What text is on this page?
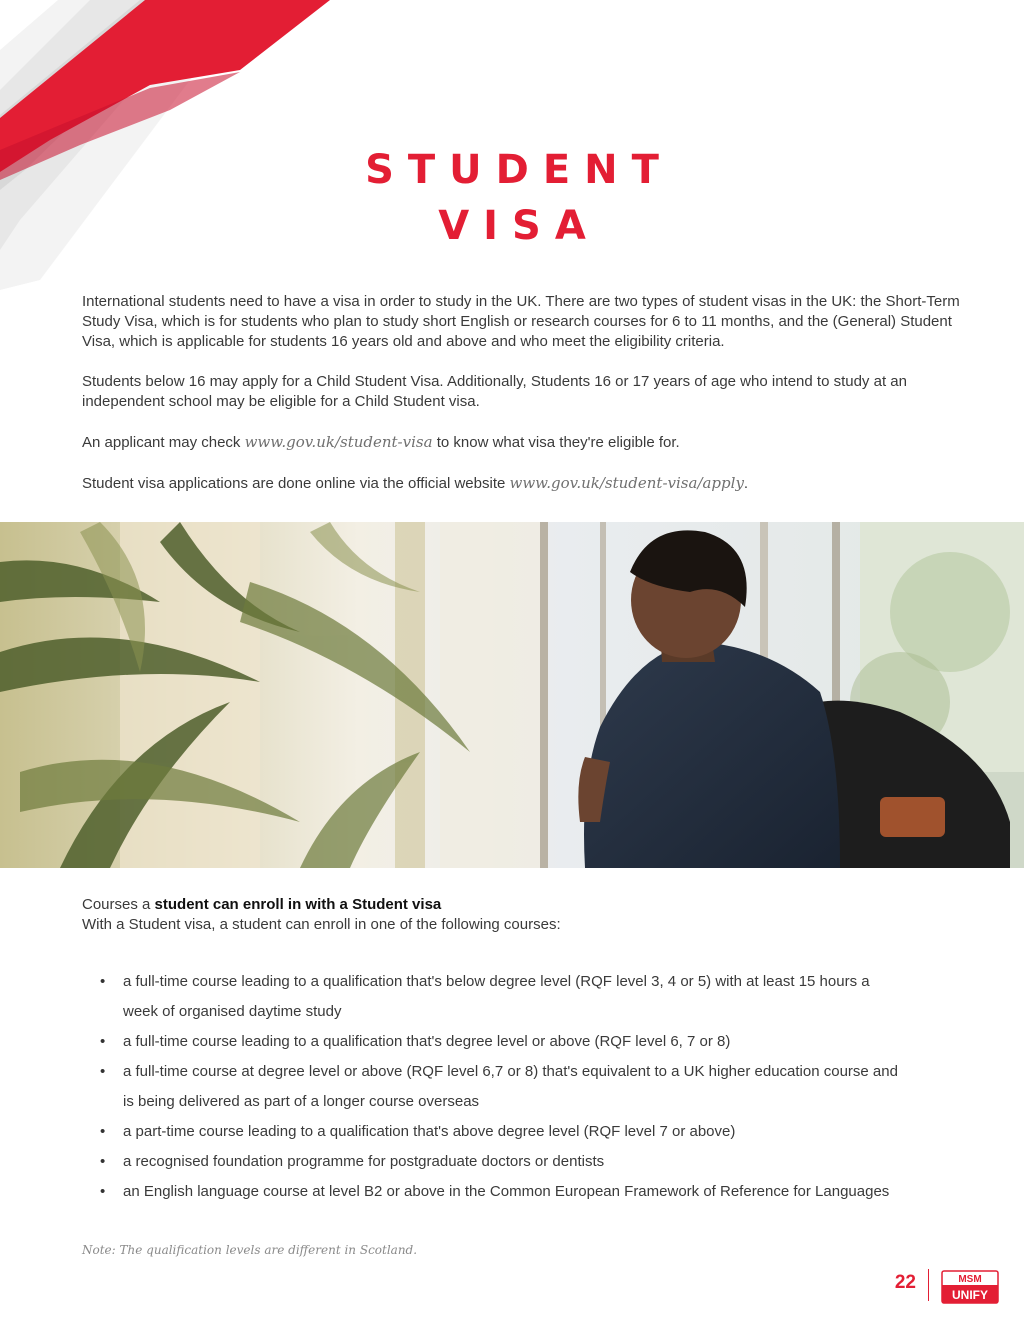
STUDENT
VISA

International students need to have a visa in order to study in the UK. There are two types of student visas in the UK: the Short-Term Study Visa, which is for students who plan to study short English or research courses for 6 to 11 months, and the (General) Student Visa, which is applicable for students 16 years old and above and who meet the eligibility criteria.

Students below 16 may apply for a Child Student Visa. Additionally, Students 16 or 17 years of age who intend to study at an independent school may be eligible for a Child Student visa.

An applicant may check www.gov.uk/student-visa to know what visa they're eligible for.

Student visa applications are done online via the official website www.gov.uk/student-visa/apply.

Courses a student can enroll in with a Student visa

With a Student visa, a student can enroll in one of the following courses:

• a full-time course leading to a qualification that's below degree level (RQF level 3, 4 or 5) with at least 15 hours a week of organised daytime study
• a full-time course leading to a qualification that's degree level or above (RQF level 6, 7 or 8)
• a full-time course at degree level or above (RQF level 6,7 or 8) that's equivalent to a UK higher education course and is being delivered as part of a longer course overseas
• a part-time course leading to a qualification that's above degree level (RQF level 7 or above)
• a recognised foundation programme for postgraduate doctors or dentists
• an English language course at level B2 or above in the Common European Framework of Reference for Languages
Note: The qualification levels are different in Scotland.
22	MSM
UNIFY
